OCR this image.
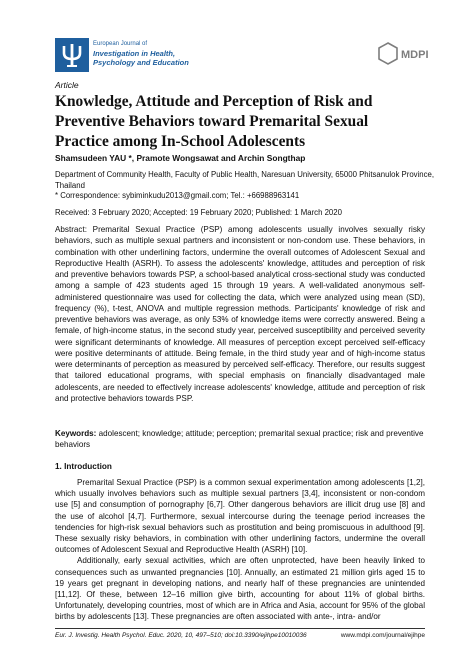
European Journal of
Investigation in Health,
Psychology and Education
MDPI
Article
Knowledge, Attitude and Perception of Risk and Preventive Behaviors toward Premarital Sexual Practice among In-School Adolescents
Shamsudeen YAU *, Pramote Wongsawat and Archin Songthap

Department of Community Health, Faculty of Public Health, Naresuan University, 65000 Phitsanulok Province, Thailand

* Correspondence: sybiminkudu2013@gmail.com; Tel.: +66988963141

Received: 3 February 2020; Accepted: 19 February 2020; Published: 1 March 2020

Abstract: Premarital Sexual Practice (PSP) among adolescents usually involves sexually risky behaviors, such as multiple sexual partners and inconsistent or non-condom use. These behaviors, in combination with other underlining factors, undermine the overall outcomes of Adolescent Sexual and Reproductive Health (ASRH). To assess the adolescents' knowledge, attitudes and perception of risk and preventive behaviors towards PSP, a school-based analytical cross-sectional study was conducted among a sample of 423 students aged 15 through 19 years. A well-validated anonymous self-administered questionnaire was used for collecting the data, which were analyzed using mean (SD), frequency (%), t-test, ANOVA and multiple regression methods. Participants' knowledge of risk and preventive behaviors was average, as only 53% of knowledge items were correctly answered. Being a female, of high-income status, in the second study year, perceived susceptibility and perceived severity were significant determinants of knowledge. All measures of perception except perceived self-efficacy were positive determinants of attitude. Being female, in the third study year and of high-income status were determinants of perception as measured by perceived self-efficacy. Therefore, our results suggest that tailored educational programs, with special emphasis on financially disadvantaged male adolescents, are needed to effectively increase adolescents' knowledge, attitude and perception of risk and protective behaviors towards PSP.

Keywords: adolescent; knowledge; attitude; perception; premarital sexual practice; risk and preventive behaviors

1. Introduction

Premarital Sexual Practice (PSP) is a common sexual experimentation among adolescents [1,2], which usually involves behaviors such as multiple sexual partners [3,4], inconsistent or non-condom use [5] and consumption of pornography [6,7]. Other dangerous behaviors are illicit drug use [8] and the use of alcohol [4,7]. Furthermore, sexual intercourse during the teenage period increases the tendencies for high-risk sexual behaviors such as prostitution and being promiscuous in adulthood [9]. These sexually risky behaviors, in combination with other underlining factors, undermine the overall outcomes of Adolescent Sexual and Reproductive Health (ASRH) [10].

Additionally, early sexual activities, which are often unprotected, have been heavily linked to consequences such as unwanted pregnancies [10]. Annually, an estimated 21 million girls aged 15 to 19 years get pregnant in developing nations, and nearly half of these pregnancies are unintended [11,12]. Of these, between 12–16 million give birth, accounting for about 11% of global births. Unfortunately, developing countries, most of which are in Africa and Asia, account for 95% of the global births by adolescents [13]. These pregnancies are often associated with ante-, intra- and/or

Eur. J. Investig. Health Psychol. Educ. 2020, 10, 497–510; doi:10.3390/ejihpe10010036	www.mdpi.com/journal/ejihpe
